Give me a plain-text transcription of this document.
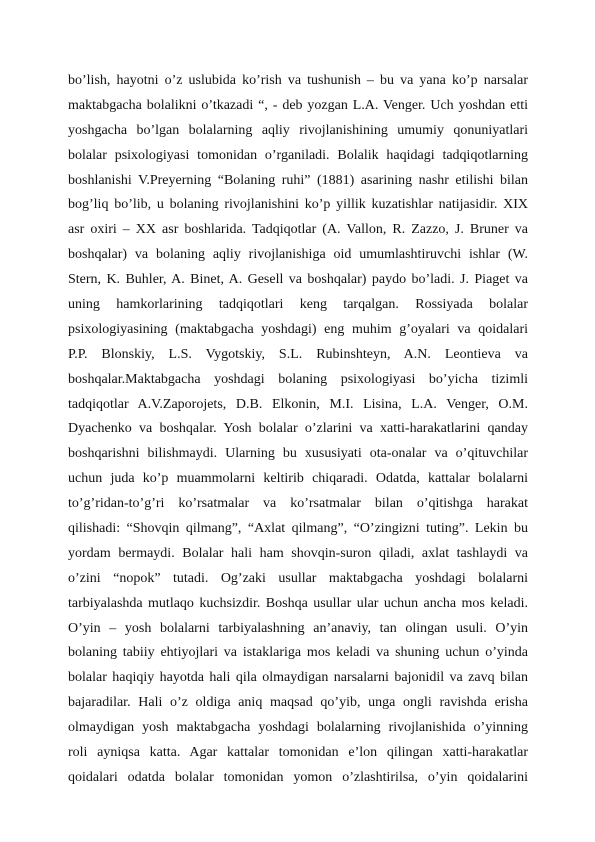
bo’lish, hayotni o’z uslubida ko’rish va tushunish – bu va yana ko’p narsalar
maktabgacha bolalikni o’tkazadi “, - deb yozgan L.A. Venger. Uch yoshdan etti
yoshgacha bo’lgan bolalarning aqliy rivojlanishining umumiy qonuniyatlari
bolalar psixologiyasi tomonidan o’rganiladi. Bolalik haqidagi tadqiqotlarning
boshlanishi V.Preyerning “Bolaning ruhi” (1881) asarining nashr etilishi bilan
bog’liq bo’lib, u bolaning rivojlanishini ko’p yillik kuzatishlar natijasidir. XIX
asr oxiri – XX asr boshlarida. Tadqiqotlar (A. Vallon, R. Zazzo, J. Bruner va
boshqalar) va bolaning aqliy rivojlanishiga oid umumlashtiruvchi ishlar (W.
Stern, K. Buhler, A. Binet, A. Gesell va boshqalar) paydo bo’ladi. J. Piaget va
uning hamkorlarining tadqiqotlari keng tarqalgan. Rossiyada bolalar
psixologiyasining (maktabgacha yoshdagi) eng muhim g’oyalari va qoidalari
P.P. Blonskiy, L.S. Vygotskiy, S.L. Rubinshteyn, A.N. Leontieva va
boshqalar.Maktabgacha yoshdagi bolaning psixologiyasi bo’yicha tizimli
tadqiqotlar A.V.Zaporojets, D.B. Elkonin, M.I. Lisina, L.A. Venger, O.M.
Dyachenko va boshqalar. Yosh bolalar o’zlarini va xatti-harakatlarini qanday
boshqarishni bilishmaydi. Ularning bu xususiyati ota-onalar va o’qituvchilar
uchun juda ko’p muammolarni keltirib chiqaradi. Odatda, kattalar bolalarni
to’g’ridan-to’g’ri ko’rsatmalar va ko’rsatmalar bilan o’qitishga harakat
qilishadi: “Shovqin qilmang”, “Axlat qilmang”, “O’zingizni tuting”. Lekin bu
yordam bermaydi. Bolalar hali ham shovqin-suron qiladi, axlat tashlaydi va
o’zini “nopok” tutadi. Og’zaki usullar maktabgacha yoshdagi bolalarni
tarbiyalashda mutlaqo kuchsizdir. Boshqa usullar ular uchun ancha mos keladi.
O’yin – yosh bolalarni tarbiyalashning an’anaviy, tan olingan usuli. O’yin
bolaning tabiiy ehtiyojlari va istaklariga mos keladi va shuning uchun o’yinda
bolalar haqiqiy hayotda hali qila olmaydigan narsalarni bajonidil va zavq bilan
bajaradilar. Hali o’z oldiga aniq maqsad qo’yib, unga ongli ravishda erisha
olmaydigan yosh maktabgacha yoshdagi bolalarning rivojlanishida o’yinning
roli ayniqsa katta. Agar kattalar tomonidan e’lon qilingan xatti-harakatlar
qoidalari odatda bolalar tomonidan yomon o’zlashtirilsa, o’yin qoidalarini
